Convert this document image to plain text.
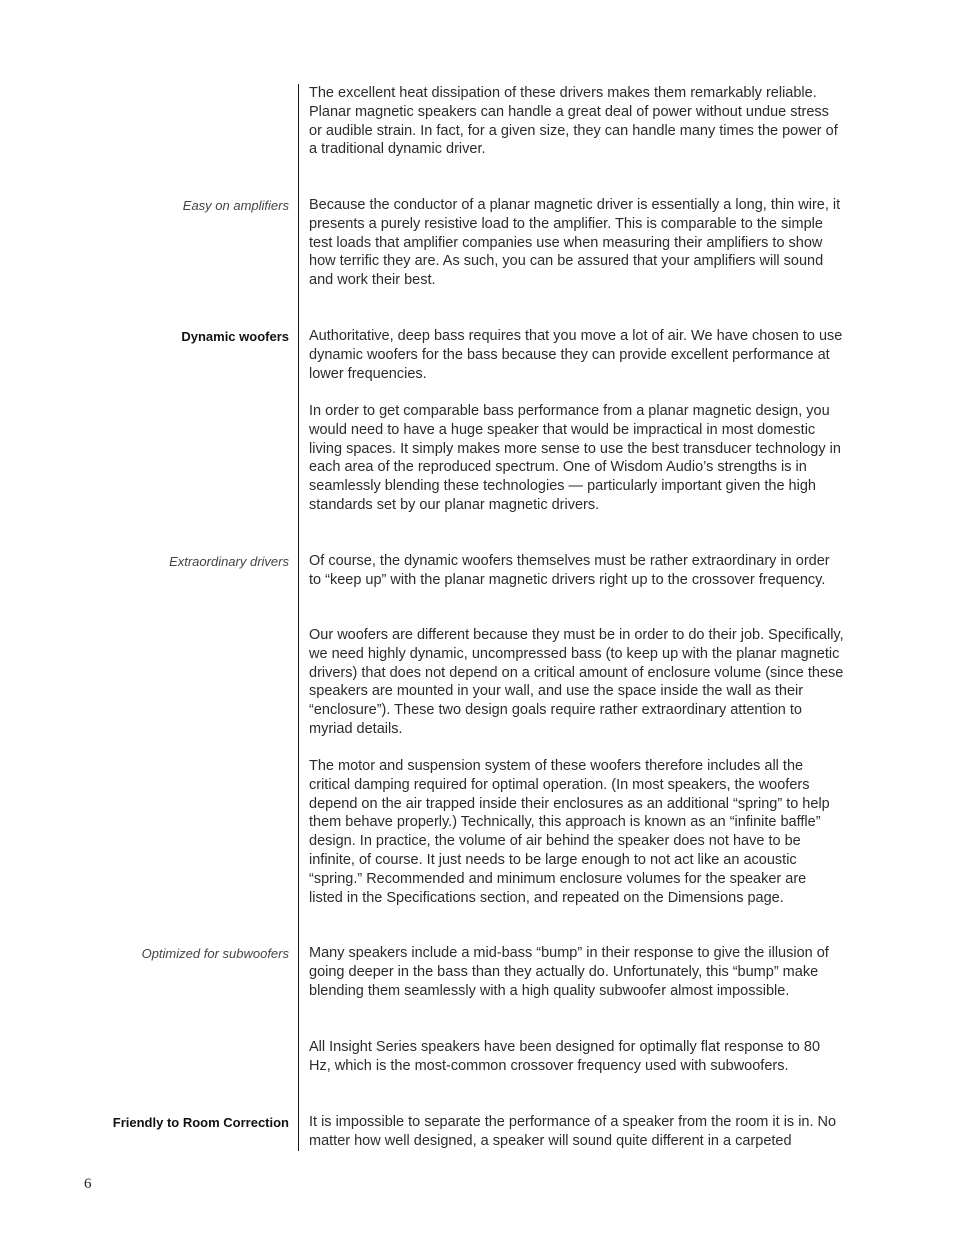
The excellent heat dissipation of these drivers makes them remarkably reliable. Planar magnetic speakers can handle a great deal of power without undue stress or audible strain. In fact, for a given size, they can handle many times the power of a traditional dynamic driver.

Easy on amplifiers Because the conductor of a planar magnetic driver is essentially a long, thin wire, it presents a purely resistive load to the amplifier. This is comparable to the simple test loads that amplifier companies use when measuring their amplifiers to show how terrific they are. As such, you can be assured that your amplifiers will sound and work their best.

Dynamic woofers Authoritative, deep bass requires that you move a lot of air. We have chosen to use dynamic woofers for the bass because they can provide excellent performance at lower frequencies.

In order to get comparable bass performance from a planar magnetic design, you would need to have a huge speaker that would be impractical in most domestic living spaces. It simply makes more sense to use the best transducer technology in each area of the reproduced spectrum. One of Wisdom Audio’s strengths is in seamlessly blending these technologies — particularly important given the high standards set by our planar magnetic drivers.

Extraordinary drivers Of course, the dynamic woofers themselves must be rather extraordinary in order to “keep up” with the planar magnetic drivers right up to the crossover frequency.

Our woofers are different because they must be in order to do their job. Specifically, we need highly dynamic, uncompressed bass (to keep up with the planar magnetic drivers) that does not depend on a critical amount of enclosure volume (since these speakers are mounted in your wall, and use the space inside the wall as their “enclosure”). These two design goals require rather extraordinary attention to myriad details.

The motor and suspension system of these woofers therefore includes all the critical damping required for optimal operation. (In most speakers, the woofers depend on the air trapped inside their enclosures as an additional “spring” to help them behave properly.) Technically, this approach is known as an “infinite baffle” design. In practice, the volume of air behind the speaker does not have to be infinite, of course. It just needs to be large enough to not act like an acoustic “spring.” Recommended and minimum enclosure volumes for the speaker are listed in the Specifications section, and repeated on the Dimensions page.

Optimized for subwoofers Many speakers include a mid-bass “bump” in their response to give the illusion of going deeper in the bass than they actually do. Unfortunately, this “bump” make blending them seamlessly with a high quality subwoofer almost impossible.

All Insight Series speakers have been designed for optimally flat response to 80 Hz, which is the most-common crossover frequency used with subwoofers.

Friendly to Room Correction It is impossible to separate the performance of a speaker from the room it is in. No matter how well designed, a speaker will sound quite different in a carpeted

6
